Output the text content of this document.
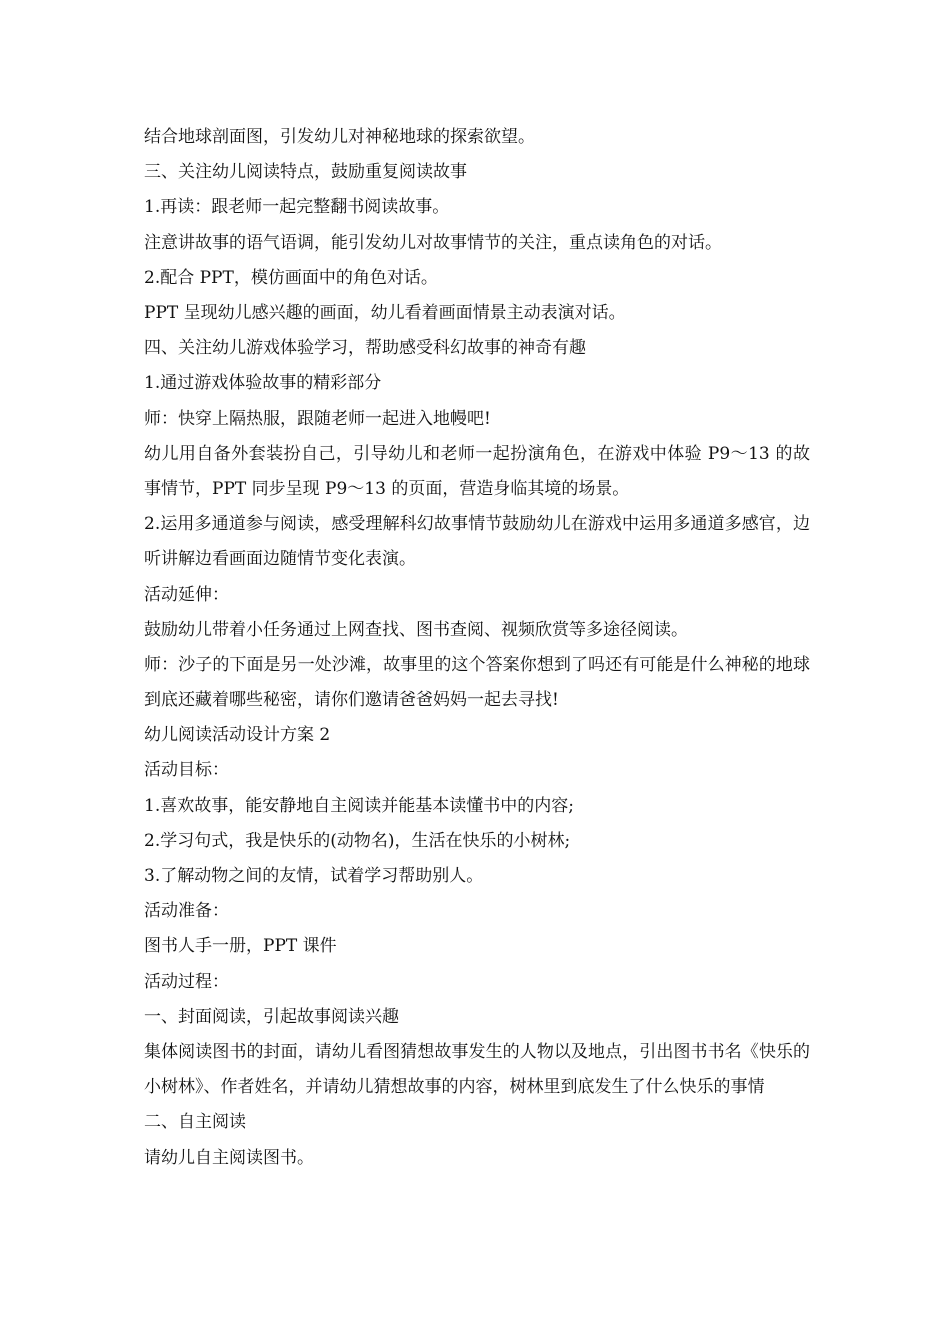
结合地球剖面图，引发幼儿对神秘地球的探索欲望。
三、关注幼儿阅读特点，鼓励重复阅读故事
1.再读：跟老师一起完整翻书阅读故事。
注意讲故事的语气语调，能引发幼儿对故事情节的关注，重点读角色的对话。
2.配合 PPT，模仿画面中的角色对话。
PPT 呈现幼儿感兴趣的画面，幼儿看着画面情景主动表演对话。
四、关注幼儿游戏体验学习，帮助感受科幻故事的神奇有趣
1.通过游戏体验故事的精彩部分
师：快穿上隔热服，跟随老师一起进入地幔吧!
幼儿用自备外套装扮自己，引导幼儿和老师一起扮演角色，在游戏中体验 P9～13 的故事情节，PPT 同步呈现 P9～13 的页面，营造身临其境的场景。
2.运用多通道参与阅读，感受理解科幻故事情节鼓励幼儿在游戏中运用多通道多感官，边听讲解边看画面边随情节变化表演。
活动延伸：
鼓励幼儿带着小任务通过上网查找、图书查阅、视频欣赏等多途径阅读。
师：沙子的下面是另一处沙滩，故事里的这个答案你想到了吗还有可能是什么神秘的地球到底还藏着哪些秘密，请你们邀请爸爸妈妈一起去寻找!
幼儿阅读活动设计方案 2
活动目标：
1.喜欢故事，能安静地自主阅读并能基本读懂书中的内容;
2.学习句式，我是快乐的(动物名)，生活在快乐的小树林;
3.了解动物之间的友情，试着学习帮助别人。
活动准备：
图书人手一册，PPT 课件
活动过程：
一、封面阅读，引起故事阅读兴趣
集体阅读图书的封面，请幼儿看图猜想故事发生的人物以及地点，引出图书书名《快乐的小树林》、作者姓名，并请幼儿猜想故事的内容，树林里到底发生了什么快乐的事情
二、自主阅读
请幼儿自主阅读图书。
